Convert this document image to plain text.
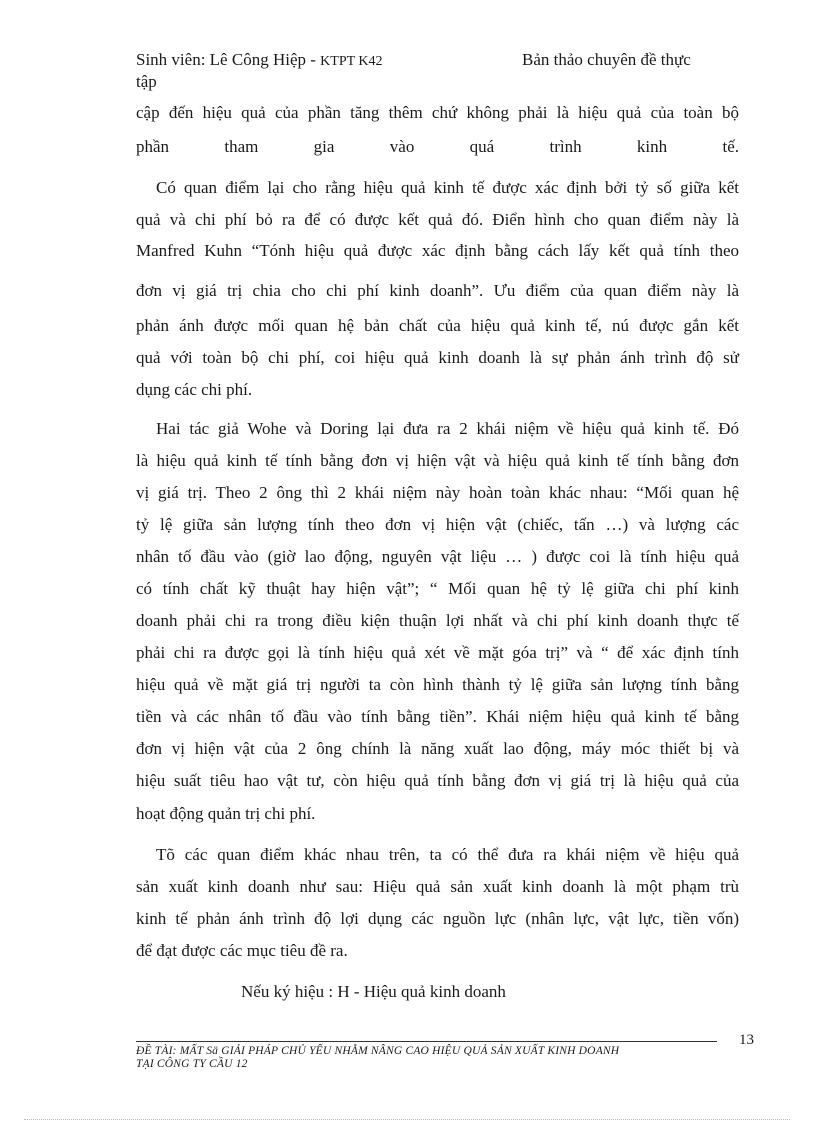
Sinh viên: Lê Công Hiệp - KTPT K42	Bản thảo chuyên đề thực
tập
cập đến hiệu quả của phần tăng thêm chứ không phải là hiệu quả của toàn bộ
phần tham gia vào quá trình kinh tế.
Có quan điểm lại cho rằng hiệu quả kinh tế được xác định bởi tỷ số giữa kết
quả và chi phí bỏ ra để có được kết quả đó. Điển hình cho quan điểm này là
Manfred Kuhn “Tónh hiệu quả được xác định bằng cách lấy kết quả tính theo
đơn vị giá trị chia cho chi phí kinh doanh”. Ưu điểm của quan điểm này là
phản ánh được mối quan hệ bản chất của hiệu quả kinh tế, nú được gắn kết
quả với toàn bộ chi phí, coi hiệu quả kinh doanh là sự phản ánh trình độ sử
dụng các chi phí.
Hai tác giả Wohe và Doring lại đưa ra 2 khái niệm về hiệu quả kinh tế. Đó
là hiệu quả kinh tế tính bằng đơn vị hiện vật và hiệu quả kinh tế tính bằng đơn
vị giá trị. Theo 2 ông thì 2 khái niệm này hoàn toàn khác nhau: “Mối quan hệ
tỷ lệ giữa sản lượng tính theo đơn vị hiện vật (chiếc, tấn …) và lượng các
nhân tố đầu vào (giờ lao động, nguyên vật liệu … ) được coi là tính hiệu quả
có tính chất kỹ thuật hay hiện vật”; “ Mối quan hệ tỷ lệ giữa chi phí kinh
doanh phải chi ra trong điều kiện thuận lợi nhất và chi phí kinh doanh thực tế
phải chi ra được gọi là tính hiệu quả xét về mặt góa trị” và “ để xác định tính
hiệu quả về mặt giá trị người ta còn hình thành tỷ lệ giữa sản lượng tính bằng
tiền và các nhân tố đầu vào tính bằng tiền”. Khái niệm hiệu quả kinh tế bằng
đơn vị hiện vật của 2 ông chính là năng xuất lao động, máy móc thiết bị và
hiệu suất tiêu hao vật tư, còn hiệu quả tính bằng đơn vị giá trị là hiệu quả của
hoạt động quản trị chi phí.
Tõ các quan điểm khác nhau trên, ta có thể đưa ra khái niệm về hiệu quả
sản xuất kinh doanh như sau: Hiệu quả sản xuất kinh doanh là một phạm trù
kinh tế phản ánh trình độ lợi dụng các nguồn lực (nhân lực, vật lực, tiền vốn)
để đạt được các mục tiêu đề ra.
Nếu ký hiệu : H - Hiệu quả kinh doanh
13
ĐỀ TÀI: MẤT Sä GIẢI PHÁP CHỦ YẾU NHẰM NÂNG CAO HIỆU QUẢ SẢN XUẤT KINH DOANH
TẠI CÔNG TY CẦU 12
